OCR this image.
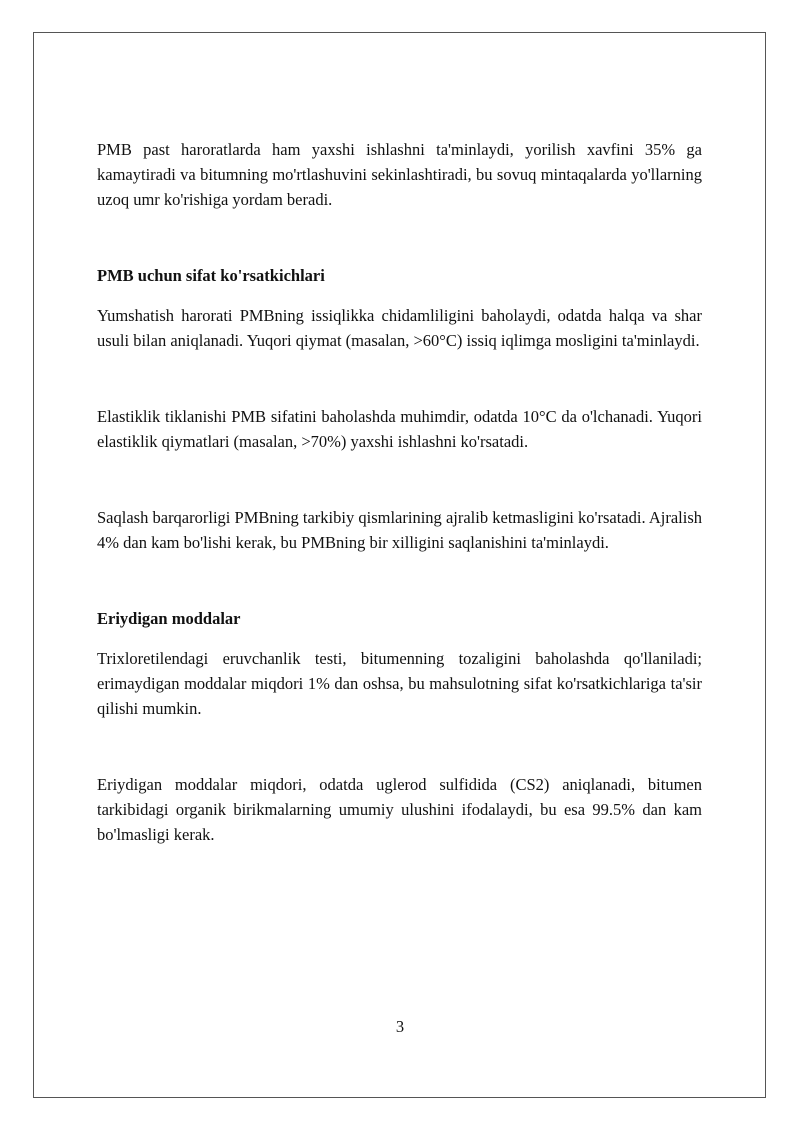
PMB past haroratlarda ham yaxshi ishlashni ta'minlaydi, yorilish xavfini 35% ga kamaytiradi va bitumning mo'rtlashuvini sekinlashtiradi, bu sovuq mintaqalarda yo'llarning uzoq umr ko'rishiga yordam beradi.

PMB uchun sifat ko'rsatkichlari

Yumshatish harorati PMBning issiqlikka chidamliligini baholaydi, odatda halqa va shar usuli bilan aniqlanadi. Yuqori qiymat (masalan, >60°C) issiq iqlimga mosligini ta'minlaydi.

Elastiklik tiklanishi PMB sifatini baholashda muhimdir, odatda 10°C da o'lchanadi. Yuqori elastiklik qiymatlari (masalan, >70%) yaxshi ishlashni ko'rsatadi.

Saqlash barqarorligi PMBning tarkibiy qismlarining ajralib ketmasligini ko'rsatadi. Ajralish 4% dan kam bo'lishi kerak, bu PMBning bir xilligini saqlanishini ta'minlaydi.

Eriydigan moddalar

Trixloretilendagi eruvchanlik testi, bitumenning tozaligini baholashda qo'llaniladi; erimaydigan moddalar miqdori 1% dan oshsa, bu mahsulotning sifat ko'rsatkichlariga ta'sir qilishi mumkin.

Eriydigan moddalar miqdori, odatda uglerod sulfidida (CS2) aniqlanadi, bitumen tarkibidagi organik birikmalarning umumiy ulushini ifodalaydi, bu esa 99.5% dan kam bo'lmasligi kerak.

3
